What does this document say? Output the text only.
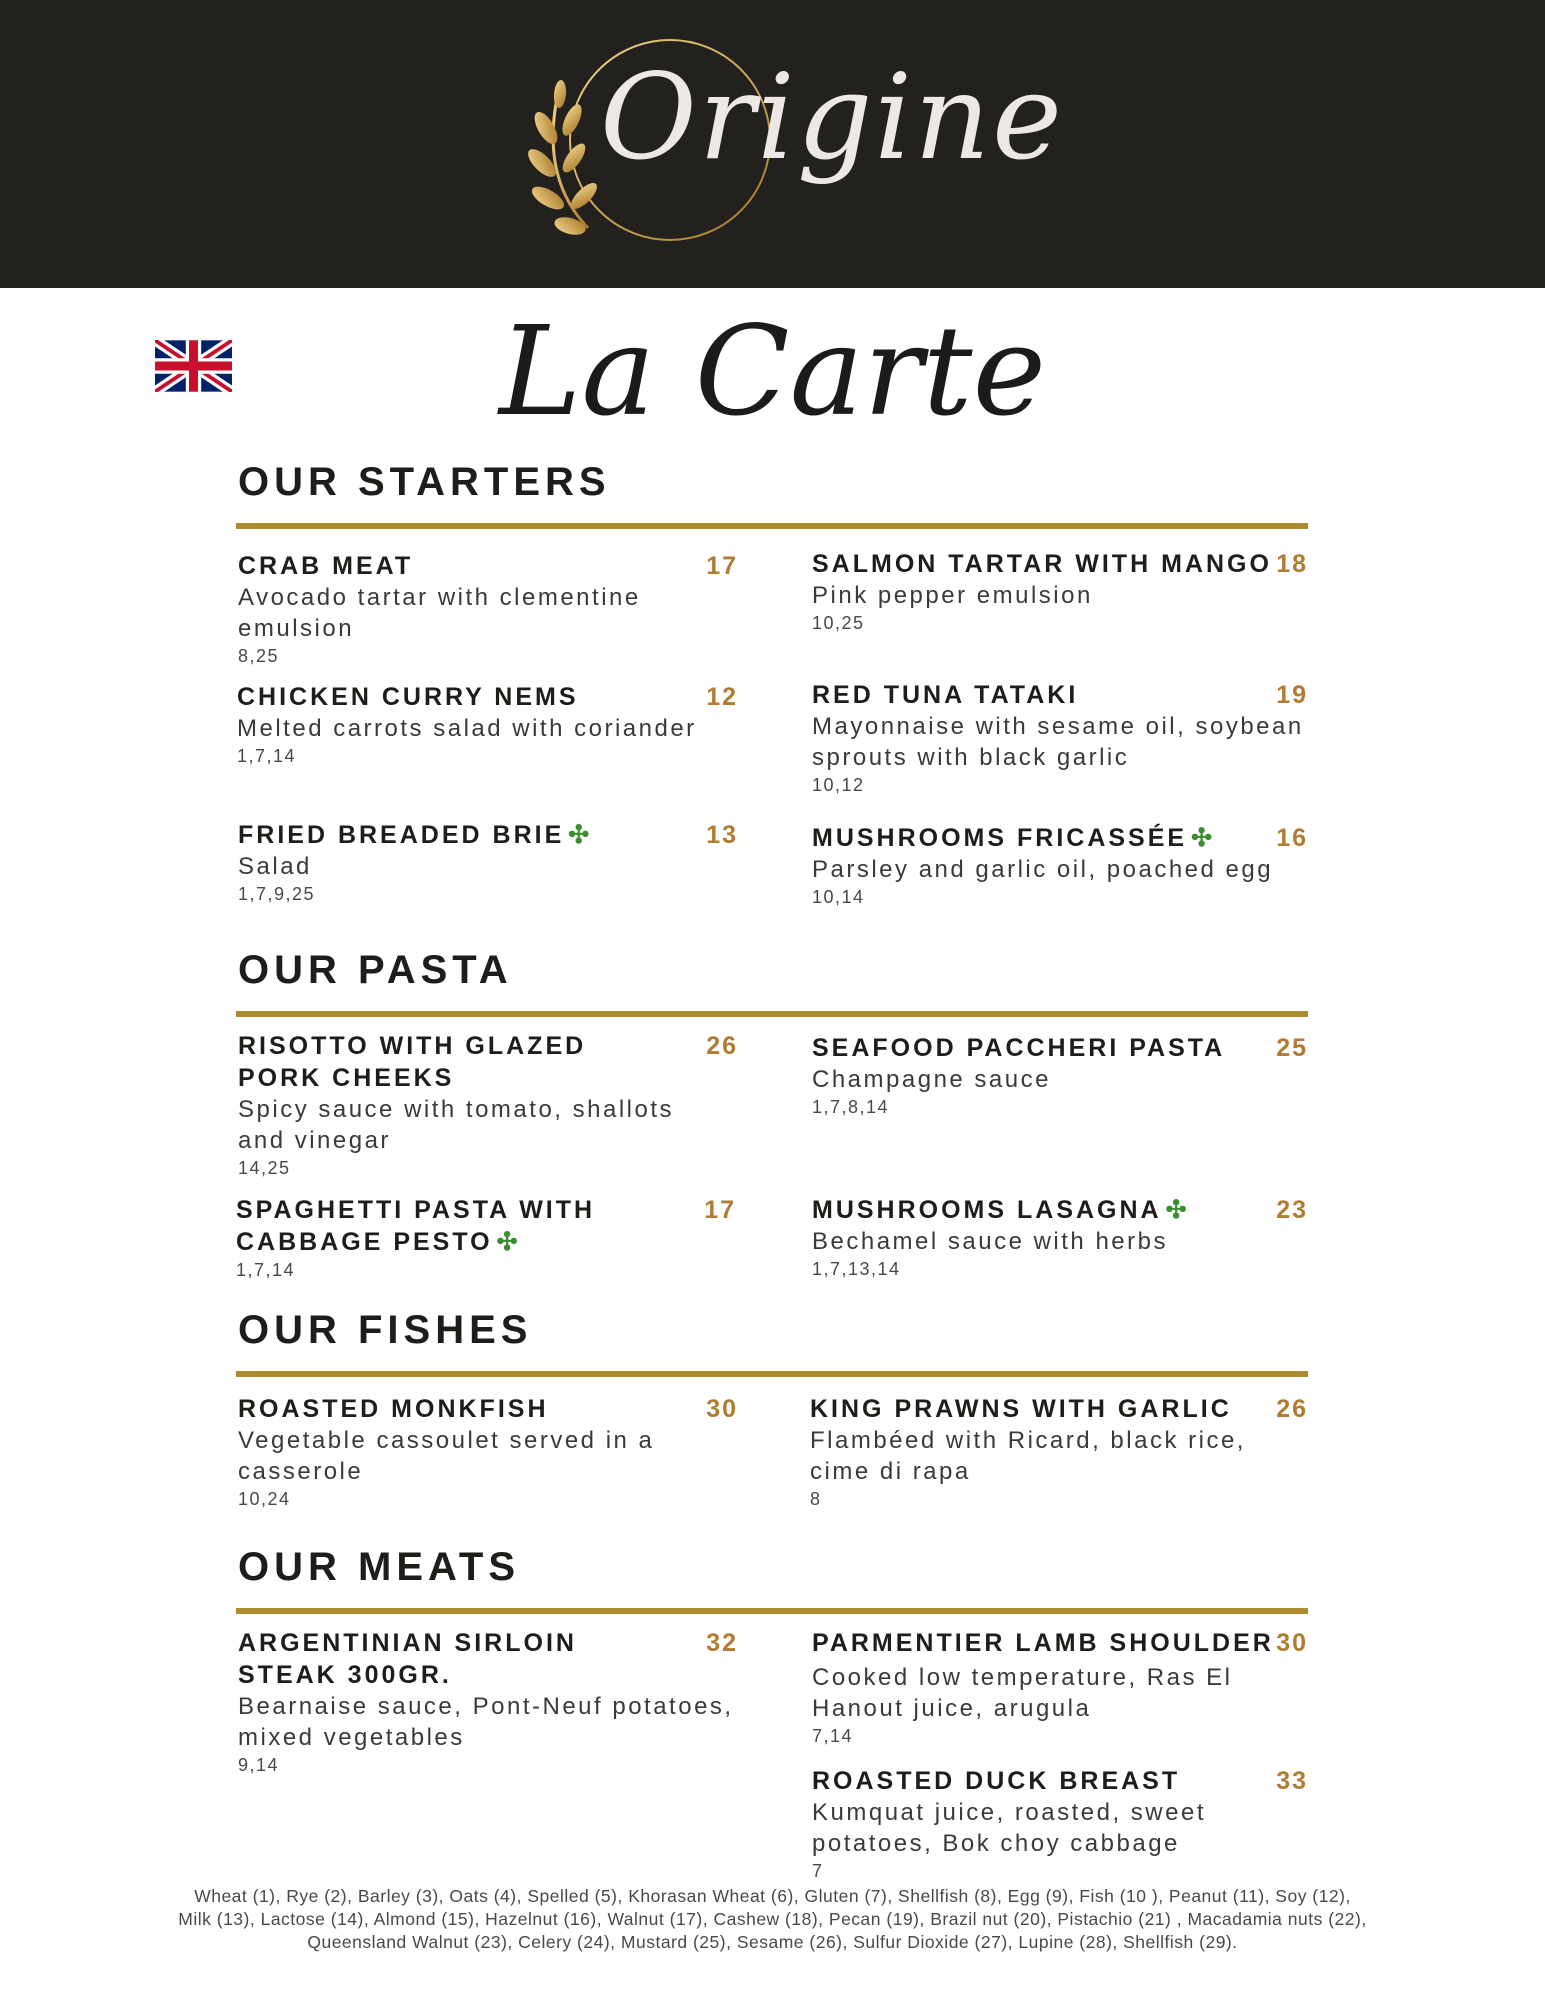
Origine
La Carte
OUR STARTERS
CRAB MEAT	17
Avocado tartar with clementine emulsion
8,25
SALMON TARTAR WITH MANGO 18
Pink pepper emulsion
10,25
CHICKEN CURRY NEMS	12
Melted carrots salad with coriander
1,7,14
RED TUNA TATAKI	19
Mayonnaise with sesame oil, soybean sprouts with black garlic
10,12
FRIED BREADED BRIE ✣	13
Salad
1,7,9,25
MUSHROOMS FRICASSÉE ✣	16
Parsley and garlic oil, poached egg
10,14
OUR PASTA
RISOTTO WITH GLAZED PORK CHEEKS
26
Spicy sauce with tomato, shallots and vinegar
14,25
SEAFOOD PACCHERI PASTA	25
Champagne sauce
1,7,8,14
SPAGHETTI PASTA WITH CABBAGE PESTO ✣
17
1,7,14
MUSHROOMS LASAGNA ✣	23
Bechamel sauce with herbs
1,7,13,14
OUR FISHES
ROASTED MONKFISH	30
Vegetable cassoulet served in a casserole
10,24
KING PRAWNS WITH GARLIC	26
Flambéed with Ricard, black rice, cime di rapa
8
OUR MEATS
ARGENTINIAN SIRLOIN STEAK 300GR.
32
Bearnaise sauce, Pont-Neuf potatoes, mixed vegetables
9,14
PARMENTIER LAMB SHOULDER 30
Cooked low temperature, Ras El Hanout juice, arugula
7,14
ROASTED DUCK BREAST	33
Kumquat juice, roasted, sweet potatoes, Bok choy cabbage
7
Wheat (1), Rye (2), Barley (3), Oats (4), Spelled (5), Khorasan Wheat (6), Gluten (7), Shellfish (8), Egg (9), Fish (10 ), Peanut (11), Soy (12),
Milk (13), Lactose (14), Almond (15), Hazelnut (16), Walnut (17), Cashew (18), Pecan (19), Brazil nut (20), Pistachio (21) , Macadamia nuts (22),
Queensland Walnut (23), Celery (24), Mustard (25), Sesame (26), Sulfur Dioxide (27), Lupine (28), Shellfish (29).
